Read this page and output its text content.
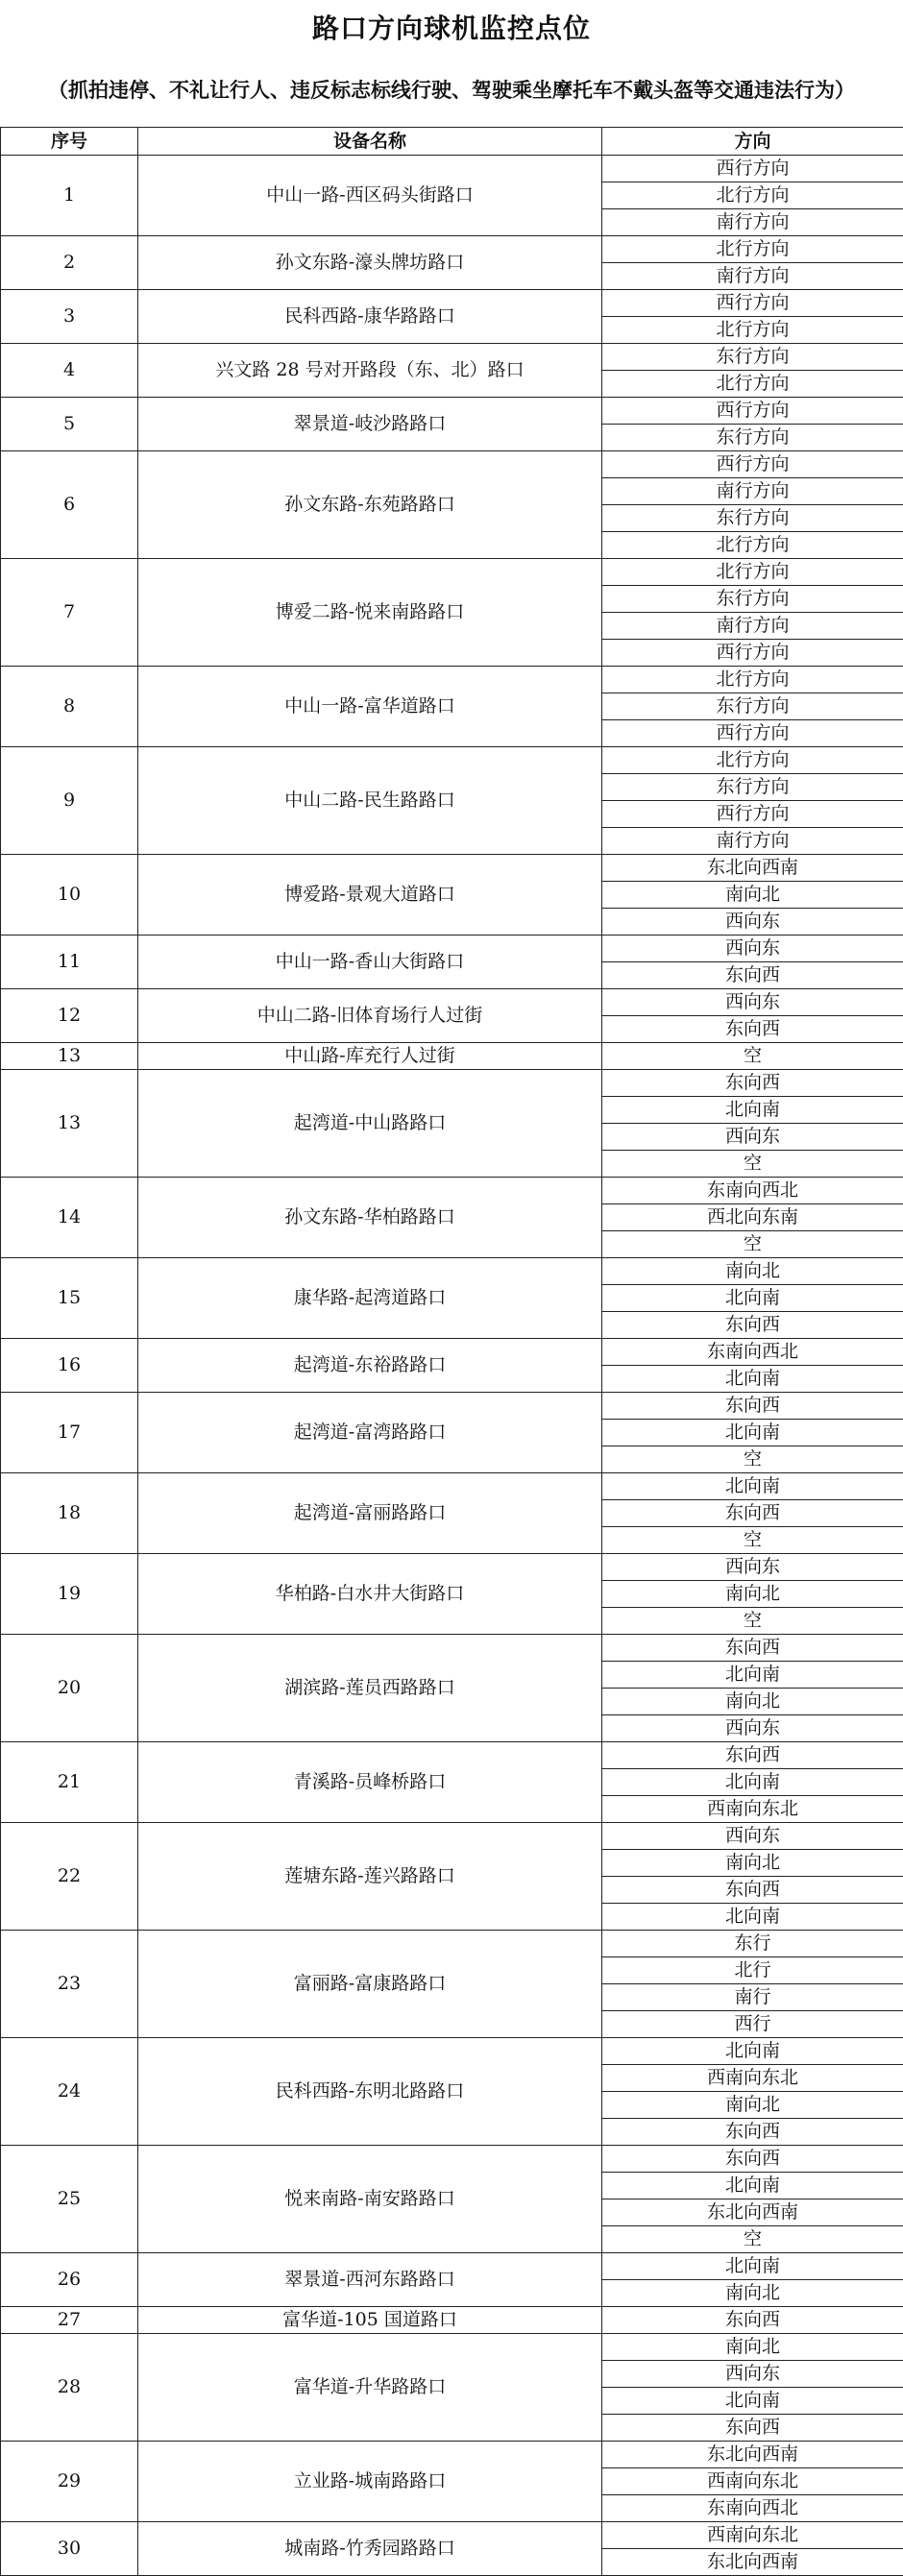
路口方向球机监控点位
（抓拍违停、不礼让行人、违反标志标线行驶、驾驶乘坐摩托车不戴头盔等交通违法行为）
序号	设备名称	方向
1	中山一路-西区码头街路口	西行方向
		北行方向
		南行方向
2	孙文东路-濠头牌坊路口	北行方向
		南行方向
3	民科西路-康华路路口	西行方向
		北行方向
4	兴文路 28 号对开路段（东、北）路口	东行方向
		北行方向
5	翠景道-岐沙路路口	西行方向
		东行方向
6	孙文东路-东苑路路口	西行方向
		南行方向
		东行方向
		北行方向
7	博爱二路-悦来南路路口	北行方向
		东行方向
		南行方向
		西行方向
8	中山一路-富华道路口	北行方向
		东行方向
		西行方向
9	中山二路-民生路路口	北行方向
		东行方向
		西行方向
		南行方向
10	博爱路-景观大道路口	东北向西南
		南向北
		西向东
11	中山一路-香山大街路口	西向东
		东向西
12	中山二路-旧体育场行人过街	西向东
		东向西
13	中山路-库充行人过街	空
13	起湾道-中山路路口	东向西
		北向南
		西向东
		空
14	孙文东路-华柏路路口	东南向西北
		西北向东南
		空
15	康华路-起湾道路口	南向北
		北向南
		东向西
16	起湾道-东裕路路口	东南向西北
		北向南
17	起湾道-富湾路路口	东向西
		北向南
		空
18	起湾道-富丽路路口	北向南
		东向西
		空
19	华柏路-白水井大街路口	西向东
		南向北
		空
20	湖滨路-莲员西路路口	东向西
		北向南
		南向北
		西向东
21	青溪路-员峰桥路口	东向西
		北向南
		西南向东北
22	莲塘东路-莲兴路路口	西向东
		南向北
		东向西
		北向南
23	富丽路-富康路路口	东行
		北行
		南行
		西行
24	民科西路-东明北路路口	北向南
		西南向东北
		南向北
		东向西
25	悦来南路-南安路路口	东向西
		北向南
		东北向西南
		空
26	翠景道-西河东路路口	北向南
		南向北
27	富华道-105 国道路口	东向西
28	富华道-升华路路口	南向北
		西向东
		北向南
		东向西
29	立业路-城南路路口	东北向西南
		西南向东北
		东南向西北
30	城南路-竹秀园路路口	西南向东北
		东北向西南
